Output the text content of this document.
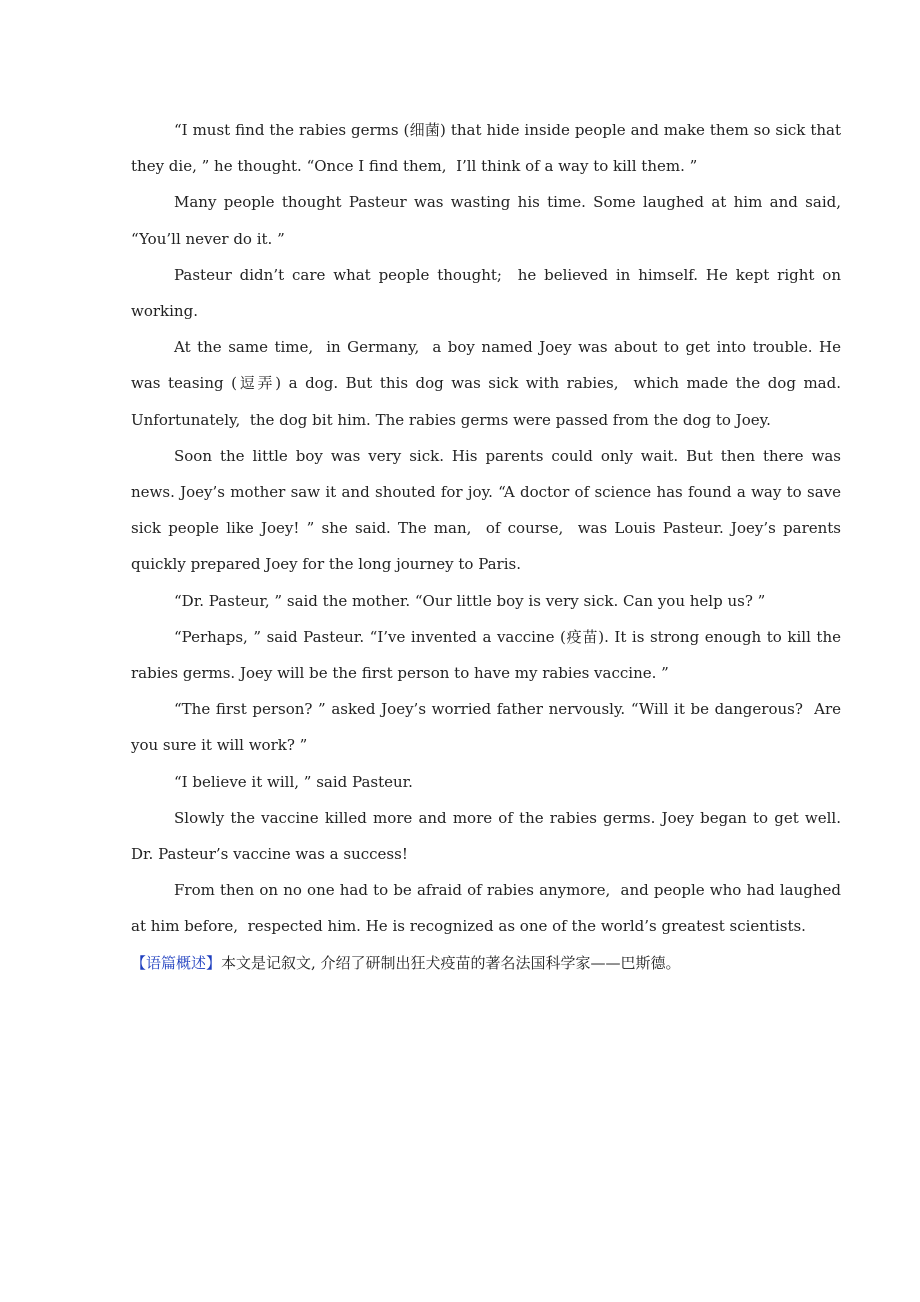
“I must find the rabies germs (细菌) that hide inside people and make them so sick that they die, ” he thought. “Once I find them,  I’ll think of a way to kill them. ”

Many people thought Pasteur was wasting his time. Some laughed at him and said, “You’ll never do it. ”

Pasteur didn’t care what people thought;  he believed in himself. He kept right on working.

At the same time,  in Germany,  a boy named Joey was about to get into trouble. He was teasing (逗弄) a dog. But this dog was sick with rabies,  which made the dog mad. Unfortunately,  the dog bit him. The rabies germs were passed from the dog to Joey.

Soon the little boy was very sick. His parents could only wait. But then there was news. Joey’s mother saw it and shouted for joy. “A doctor of science has found a way to save sick people like Joey! ” she said. The man,  of course,  was Louis Pasteur. Joey’s parents quickly prepared Joey for the long journey to Paris.

“Dr. Pasteur, ” said the mother. “Our little boy is very sick. Can you help us? ”

“Perhaps, ” said Pasteur. “I’ve invented a vaccine (疫苗). It is strong enough to kill the rabies germs. Joey will be the first person to have my rabies vaccine. ”

“The first person? ” asked Joey’s worried father nervously. “Will it be dangerous?  Are you sure it will work? ”

“I believe it will, ” said Pasteur.

Slowly the vaccine killed more and more of the rabies germs. Joey began to get well. Dr. Pasteur’s vaccine was a success!

From then on no one had to be afraid of rabies anymore,  and people who had laughed at him before,  respected him. He is recognized as one of the world’s greatest scientists.

【语篇概述】本文是记叙文, 介绍了研制出狂犬疫苗的著名法国科学家——巴斯德。
